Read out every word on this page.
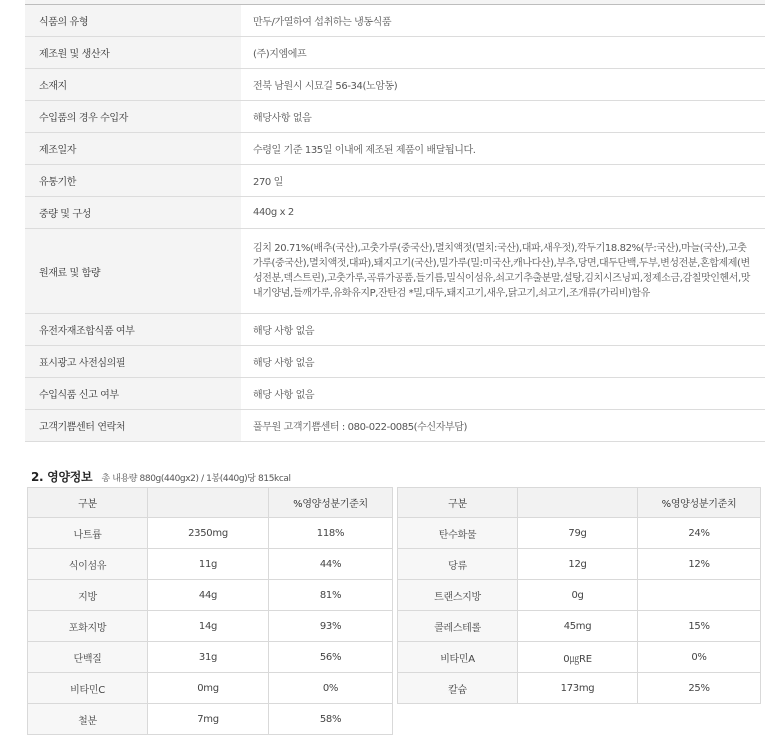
식품의 유형	만두/가열하여 섭취하는 냉동식품
제조원 및 생산자	(주)지엠에프
소재지	전북 남원시 시묘길 56-34(노암동)
수입품의 경우 수입자	해당사항 없음
제조일자	수령일 기준 135일 이내에 제조된 제품이 배달됩니다.
유통기한	270 일
중량 및 구성	440g x 2
원재료 및 함량	김치 20.71%(배추(국산),고춧가루(중국산),멸치액젓(멸치:국산),대파,새우젓),깍두기18.82%(무:국산),마늘(국산),고춧가루(중국산),멸치액젓,대파),돼지고기(국산),밀가루(밀:미국산,캐나다산),부추,당면,대두단백,두부,변성전분,혼합제제(변성전분,덱스트린),고춧가루,곡류가공품,들기름,밀식이섬유,쇠고기추출분말,설탕,김치시즈닝피,정제소금,감칠맛인헨서,맛내기양념,들깨가루,유화유지P,잔탄검 *밀,대두,돼지고기,새우,닭고기,쇠고기,조개류(가리비)함유
유전자재조합식품 여부	해당 사항 없음
표시광고 사전심의필	해당 사항 없음
수입식품 신고 여부	해당 사항 없음
고객기쁨센터 연락처	풀무원 고객기쁨센터 : 080-022-0085(수신자부담)
2. 영양정보 총 내용량 880g(440gx2) / 1봉(440g)당 815kcal
구분		%영양성분기준치
나트륨	2350mg	118%
식이섬유	11g	44%
지방	44g	81%
포화지방	14g	93%
단백질	31g	56%
비타민C	0mg	0%
철분	7mg	58%
구분		%영양성분기준치
탄수화물	79g	24%
당류	12g	12%
트랜스지방	0g	
콜레스테롤	45mg	15%
비타민A	0㎍RE	0%
칼슘	173mg	25%
